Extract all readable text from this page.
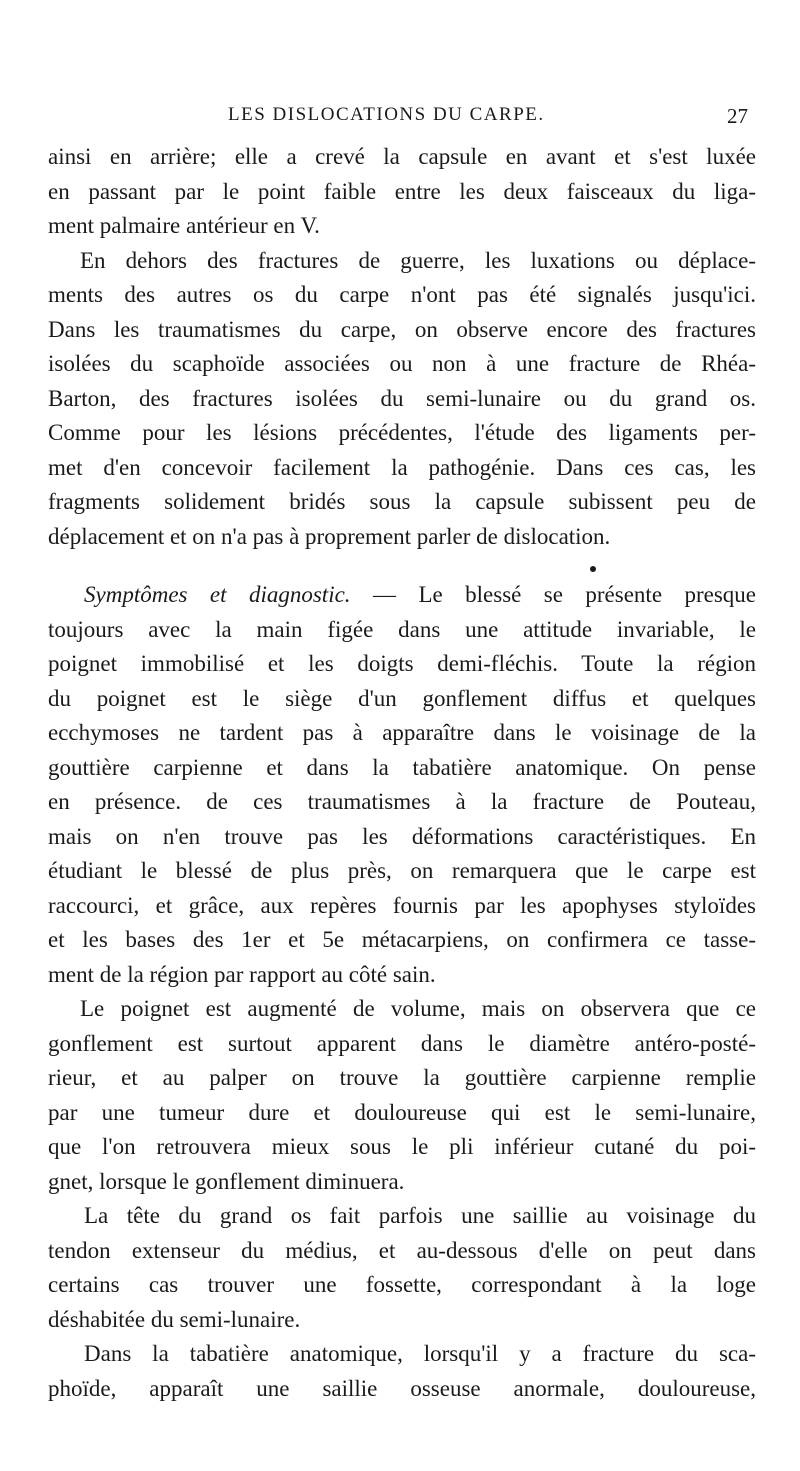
LES DISLOCATIONS DU CARPE.	27

ainsi en arrière; elle a crevé la capsule en avant et s'est luxée
en passant par le point faible entre les deux faisceaux du liga-
ment palmaire antérieur en V.

En dehors des fractures de guerre, les luxations ou déplace-
ments des autres os du carpe n'ont pas été signalés jusqu'ici.
Dans les traumatismes du carpe, on observe encore des fractures
isolées du scaphoïde associées ou non à une fracture de Rhéa-
Barton, des fractures isolées du semi-lunaire ou du grand os.
Comme pour les lésions précédentes, l'étude des ligaments per-
met d'en concevoir facilement la pathogénie. Dans ces cas, les
fragments solidement bridés sous la capsule subissent peu de
déplacement et on n'a pas à proprement parler de dislocation.

Symptômes et diagnostic. — Le blessé se présente presque
toujours avec la main figée dans une attitude invariable, le
poignet immobilisé et les doigts demi-fléchis. Toute la région
du poignet est le siège d'un gonflement diffus et quelques
ecchymoses ne tardent pas à apparaître dans le voisinage de la
gouttière carpienne et dans la tabatière anatomique. On pense
en présence. de ces traumatismes à la fracture de Pouteau,
mais on n'en trouve pas les déformations caractéristiques. En
étudiant le blessé de plus près, on remarquera que le carpe est
raccourci, et grâce, aux repères fournis par les apophyses styloïdes
et les bases des 1er et 5e métacarpiens, on confirmera ce tasse-
ment de la région par rapport au côté sain.

Le poignet est augmenté de volume, mais on observera que ce
gonflement est surtout apparent dans le diamètre antéro-posté-
rieur, et au palper on trouve la gouttière carpienne remplie
par une tumeur dure et douloureuse qui est le semi-lunaire,
que l'on retrouvera mieux sous le pli inférieur cutané du poi-
gnet, lorsque le gonflement diminuera.

La tête du grand os fait parfois une saillie au voisinage du
tendon extenseur du médius, et au-dessous d'elle on peut dans
certains cas trouver une fossette, correspondant à la loge
déshabitée du semi-lunaire.

Dans la tabatière anatomique, lorsqu'il y a fracture du sca-
phoïde, apparaît une saillie osseuse anormale, douloureuse,
